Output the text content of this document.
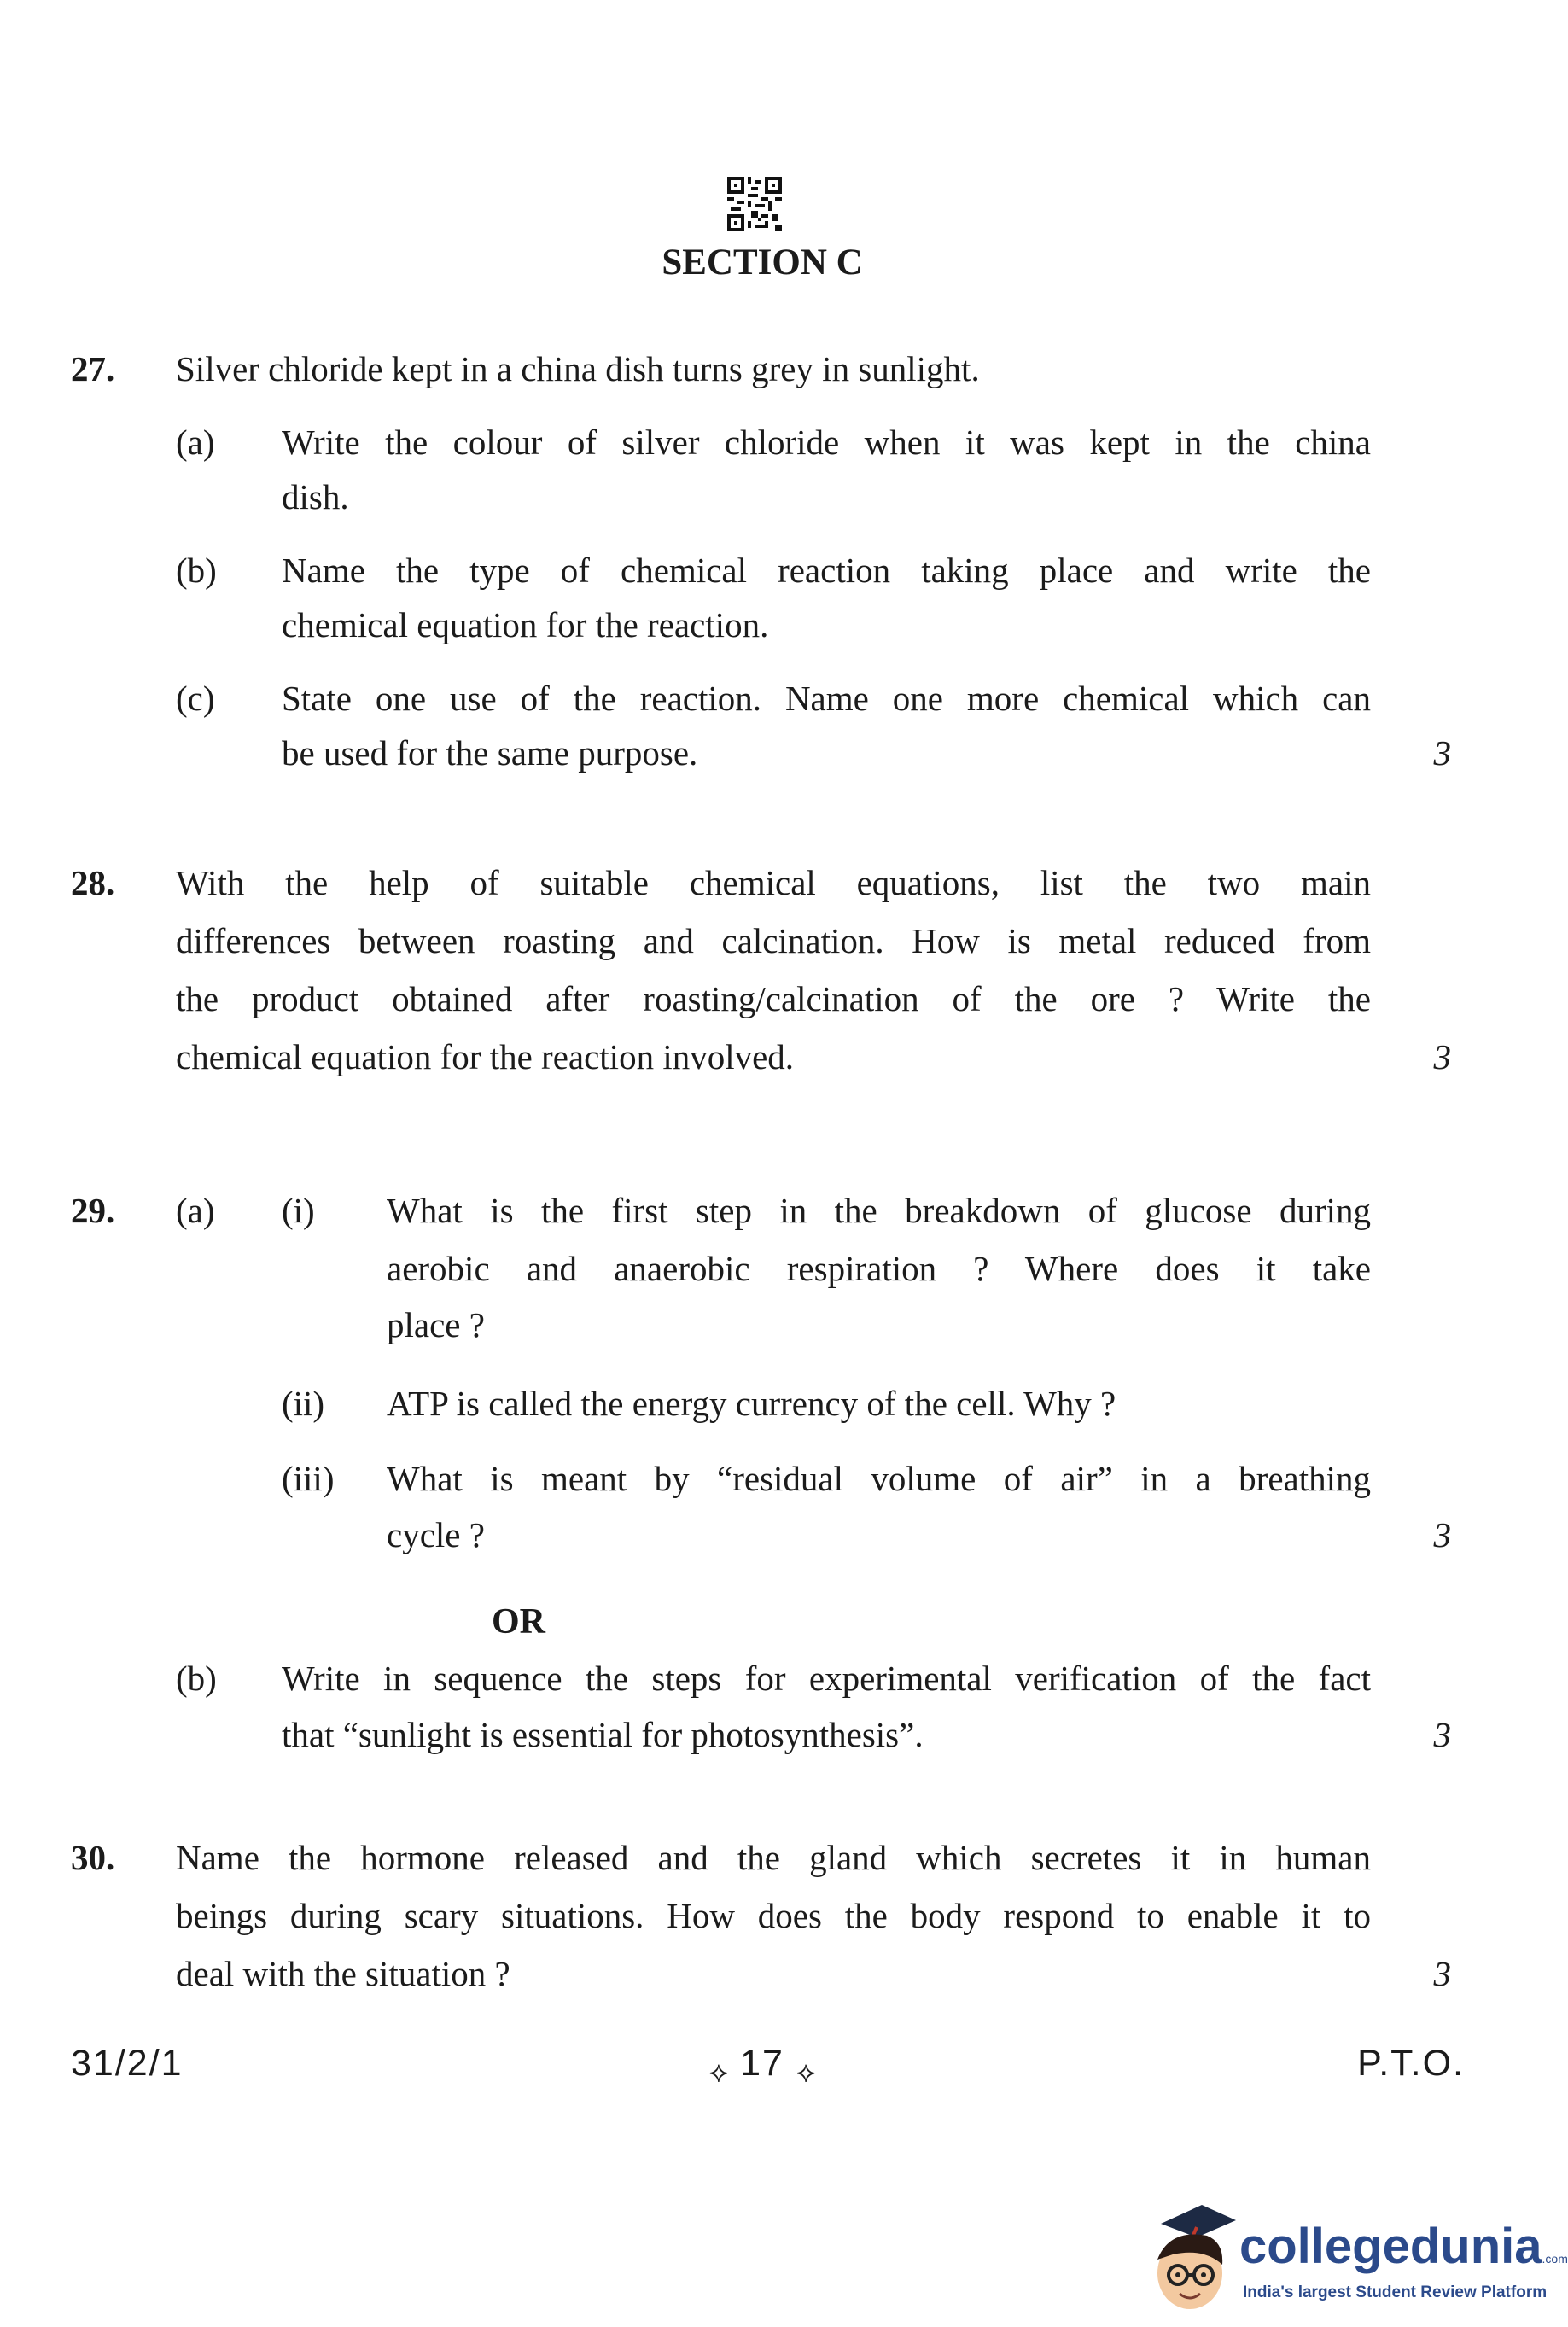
SECTION C
27. Silver chloride kept in a china dish turns grey in sunlight.
(a) Write the colour of silver chloride when it was kept in the china
dish.
(b) Name the type of chemical reaction taking place and write the
chemical equation for the reaction.
(c) State one use of the reaction. Name one more chemical which can
be used for the same purpose.	3
28. With the help of suitable chemical equations, list the two main
differences between roasting and calcination. How is metal reduced from
the product obtained after roasting/calcination of the ore ? Write the
chemical equation for the reaction involved.	3
29. (a) (i) What is the first step in the breakdown of glucose during
aerobic and anaerobic respiration ? Where does it take
place ?
(ii) ATP is called the energy currency of the cell. Why ?
(iii) What is meant by “residual volume of air” in a breathing
cycle ?	3
OR
(b) Write in sequence the steps for experimental verification of the fact
that “sunlight is essential for photosynthesis”.	3
30. Name the hormone released and the gland which secretes it in human
beings during scary situations. How does the body respond to enable it to
deal with the situation ?	3
31/2/1	⟡ 17 ⟡	P.T.O.
collegedunia.com
India's largest Student Review Platform
